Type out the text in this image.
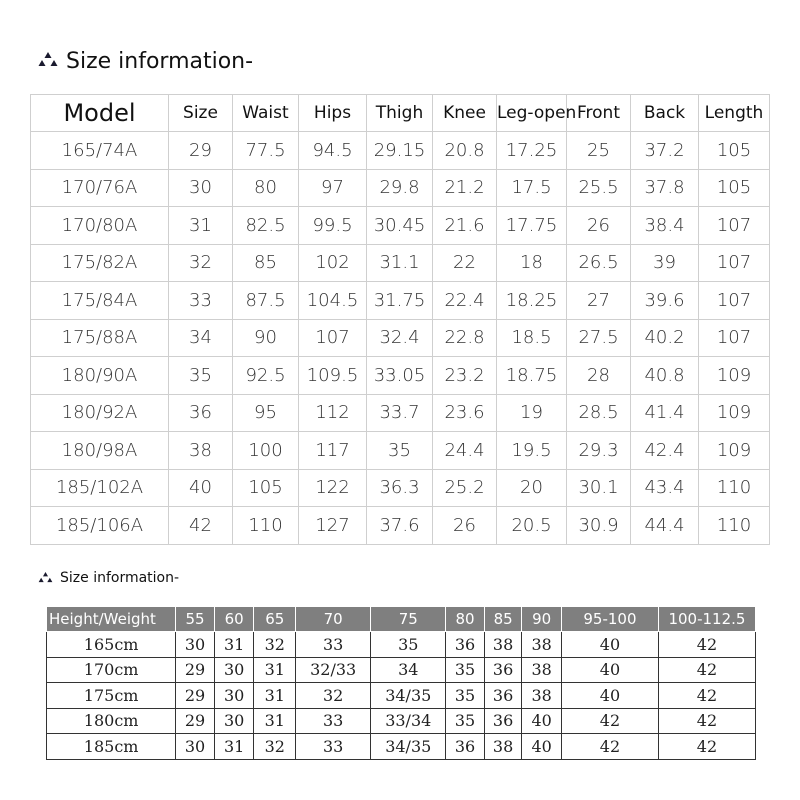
Size information-
Model	Size	Waist	Hips	Thigh	Knee	Leg-open	Front	Back	Length
165/74A	29	77.5	94.5	29.15	20.8	17.25	25	37.2	105
170/76A	30	80	97	29.8	21.2	17.5	25.5	37.8	105
170/80A	31	82.5	99.5	30.45	21.6	17.75	26	38.4	107
175/82A	32	85	102	31.1	22	18	26.5	39	107
175/84A	33	87.5	104.5	31.75	22.4	18.25	27	39.6	107
175/88A	34	90	107	32.4	22.8	18.5	27.5	40.2	107
180/90A	35	92.5	109.5	33.05	23.2	18.75	28	40.8	109
180/92A	36	95	112	33.7	23.6	19	28.5	41.4	109
180/98A	38	100	117	35	24.4	19.5	29.3	42.4	109
185/102A	40	105	122	36.3	25.2	20	30.1	43.4	110
185/106A	42	110	127	37.6	26	20.5	30.9	44.4	110
Size information-
Height/Weight	55	60	65	70	75	80	85	90	95-100	100-112.5
165cm	30	31	32	33	35	36	38	38	40	42
170cm	29	30	31	32/33	34	35	36	38	40	42
175cm	29	30	31	32	34/35	35	36	38	40	42
180cm	29	30	31	33	33/34	35	36	40	42	42
185cm	30	31	32	33	34/35	36	38	40	42	42
